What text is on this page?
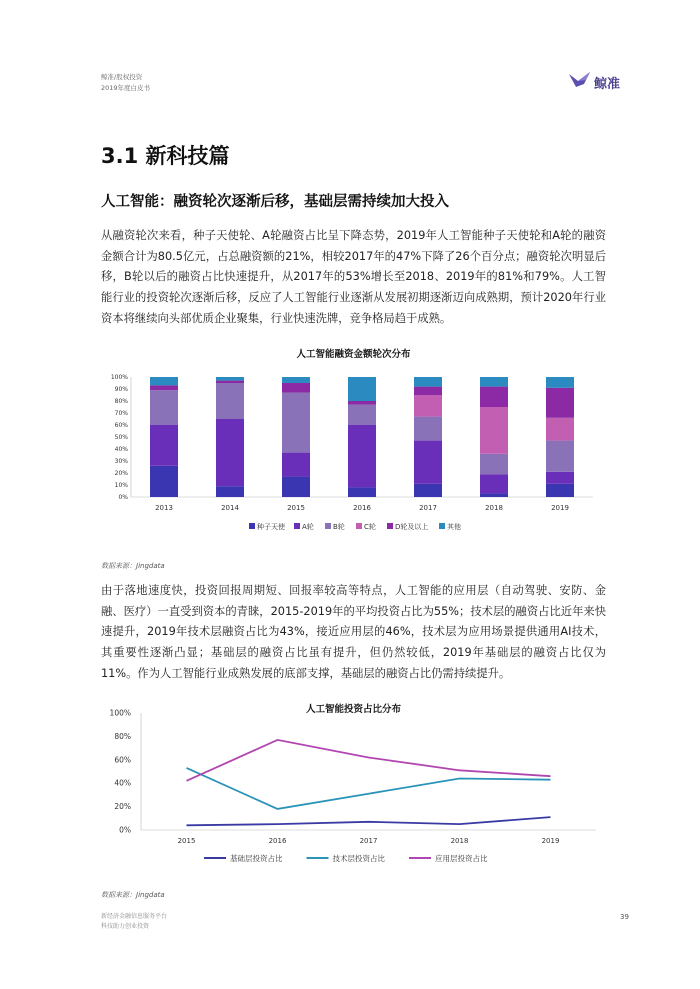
鲸准/股权投资
2019年度白皮书	鲸准
3.1 新科技篇
人工智能：融资轮次逐渐后移，基础层需持续加大投入
从融资轮次来看，种子天使轮、A轮融资占比呈下降态势，2019年人工智能种子天使轮和A轮的融资金额合计为80.5亿元，占总融资额的21%，相较2017年的47%下降了26个百分点；融资轮次明显后移，B轮以后的融资占比快速提升，从2017年的53%增长至2018、2019年的81%和79%。人工智能行业的投资轮次逐渐后移，反应了人工智能行业逐渐从发展初期逐渐迈向成熟期，预计2020年行业资本将继续向头部优质企业聚集，行业快速洗牌，竞争格局趋于成熟。
人工智能融资金额轮次分布
0%
10%
20%
30%
40%
50%
60%
70%
80%
90%
100%
2013	2014	2015	2016	2017	2018	2019
种子天使 A轮	B轮	C轮	D轮及以上	其他
数据来源：Jingdata
由于落地速度快，投资回报周期短、回报率较高等特点，人工智能的应用层（自动驾驶、安防、金融、医疗）一直受到资本的青睐，2015-2019年的平均投资占比为55%；技术层的融资占比近年来快速提升，2019年技术层融资占比为43%，接近应用层的46%，技术层为应用场景提供通用AI技术，其重要性逐渐凸显；基础层的融资占比虽有提升，但仍然较低，2019年基础层的融资占比仅为11%。作为人工智能行业成熟发展的底部支撑，基础层的融资占比仍需持续提升。
人工智能投资占比分布
0%
20%
40%
60%
80%
100%
2015	2016	2017	2018	2019
基础层投资占比	技术层投资占比	应用层投资占比
数据来源：Jingdata
新经济金融信息服务平台
科技助力创业投资
39
